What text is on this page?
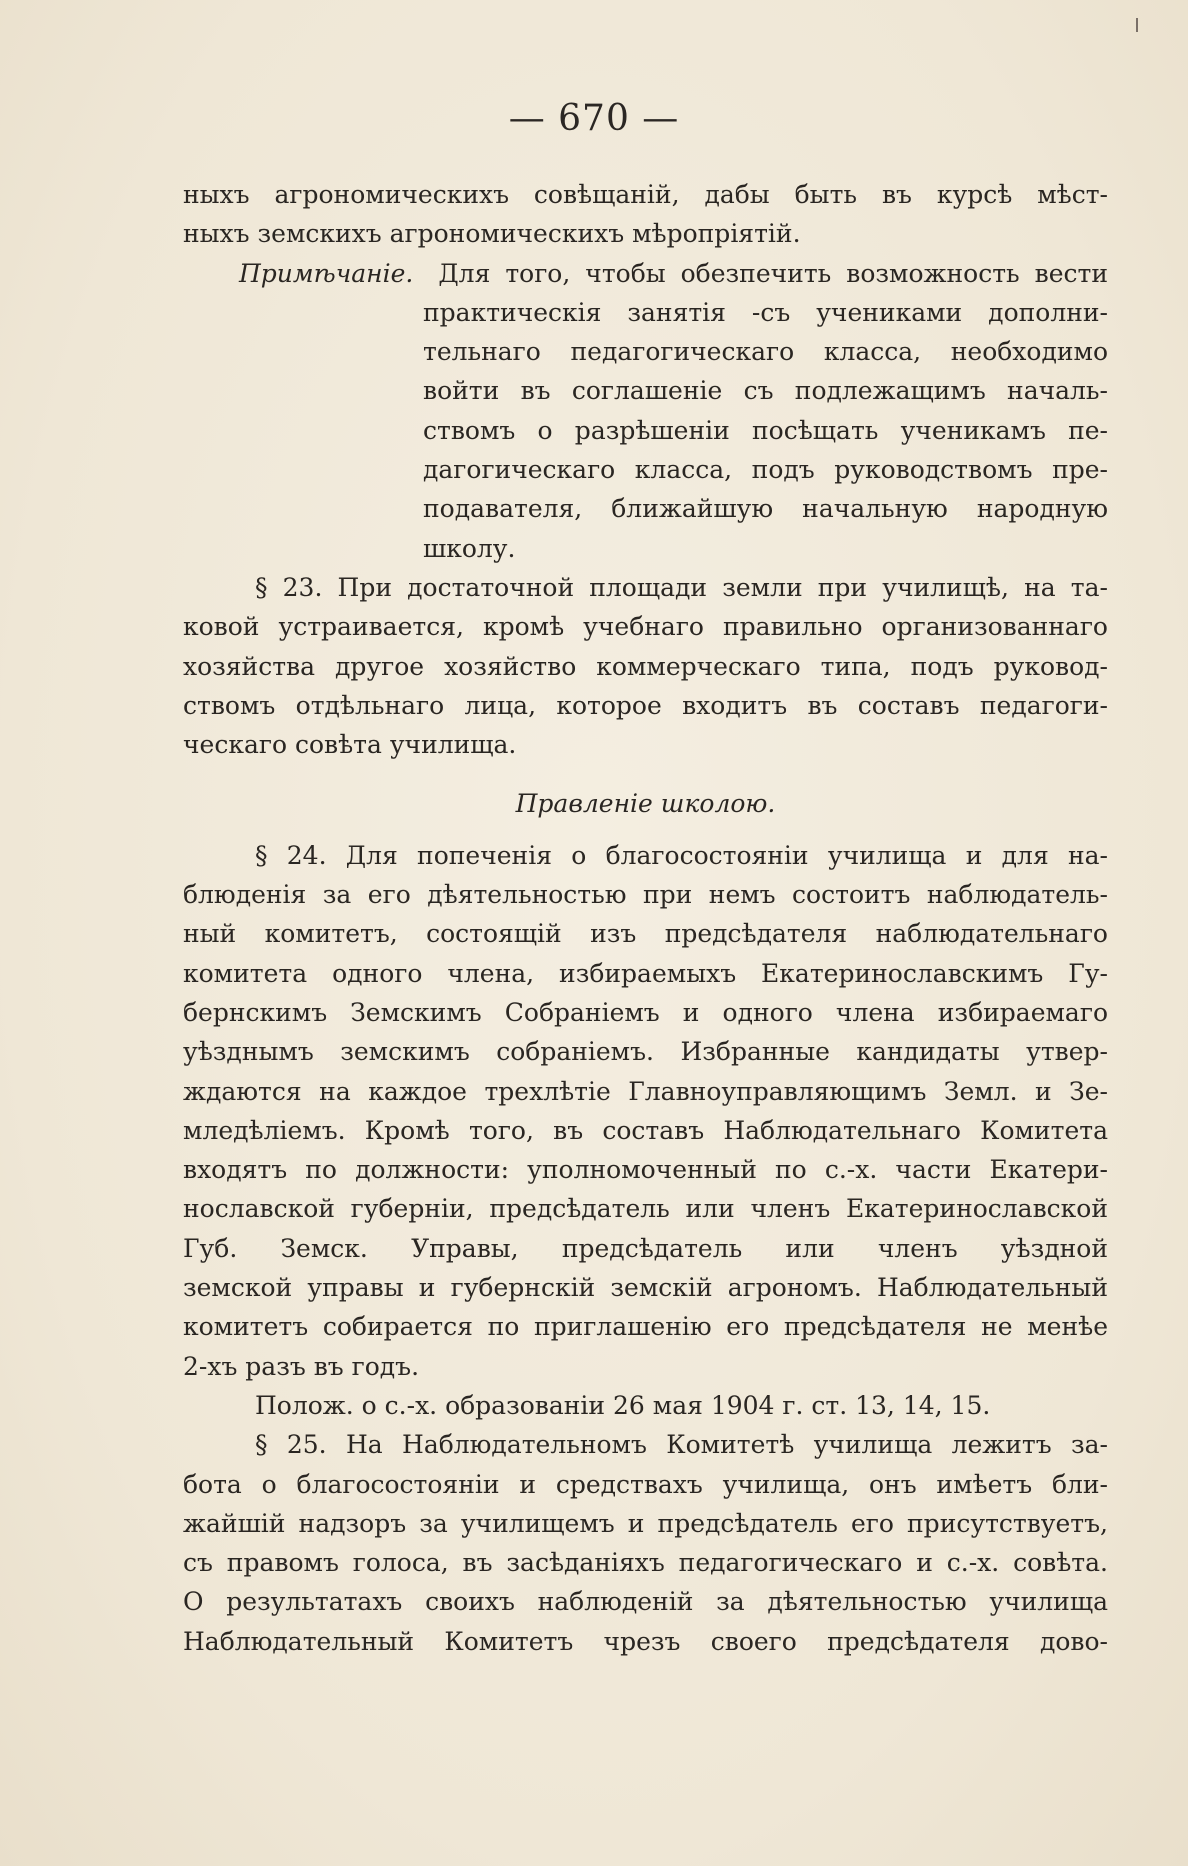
— 670 —
ныхъ агрономическихъ совѣщаній, дабы быть въ курсѣ мѣст-
ныхъ земскихъ агрономическихъ мѣропріятій.
Примѣчаніе. Для того, чтобы обезпечить возможность вести
практическія занятія -съ учениками дополни-
тельнаго педагогическаго класса, необходимо
войти въ соглашеніе съ подлежащимъ началь-
ствомъ о разрѣшеніи посѣщать ученикамъ пе-
дагогическаго класса, подъ руководствомъ пре-
подавателя, ближайшую начальную народную
школу.
§ 23. При достаточной площади земли при училищѣ, на та-
ковой устраивается, кромѣ учебнаго правильно организованнаго
хозяйства другое хозяйство коммерческаго типа, подъ руковод-
ствомъ отдѣльнаго лица, которое входитъ въ составъ педагоги-
ческаго совѣта училища.
Правленіе школою.
§ 24. Для попеченія о благосостояніи училища и для на-
блюденія за его дѣятельностью при немъ состоитъ наблюдатель-
ный комитетъ, состоящій изъ предсѣдателя наблюдательнаго
комитета одного члена, избираемыхъ Екатеринославскимъ Гу-
бернскимъ Земскимъ Собраніемъ и одного члена избираемаго
уѣзднымъ земскимъ собраніемъ. Избранные кандидаты утвер-
ждаются на каждое трехлѣтіе Главноуправляющимъ Земл. и Зе-
мледѣліемъ. Кромѣ того, въ составъ Наблюдательнаго Комитета
входятъ по должности: уполномоченный по с.-х. части Екатери-
нославской губерніи, предсѣдатель или членъ Екатеринославской
Губ. Земск. Управы, предсѣдатель или членъ уѣздной
земской управы и губернскій земскій агрономъ. Наблюдательный
комитетъ собирается по приглашенію его предсѣдателя не менѣе
2-хъ разъ въ годъ.
Полож. о с.-х. образованіи 26 мая 1904 г. ст. 13, 14, 15.
§ 25. На Наблюдательномъ Комитетѣ училища лежитъ за-
бота о благосостояніи и средствахъ училища, онъ имѣетъ бли-
жайшій надзоръ за училищемъ и предсѣдатель его присутствуетъ,
съ правомъ голоса, въ засѣданіяхъ педагогическаго и с.-х. совѣта.
О результатахъ своихъ наблюденій за дѣятельностью училища
Наблюдательный Комитетъ чрезъ своего предсѣдателя дово-
